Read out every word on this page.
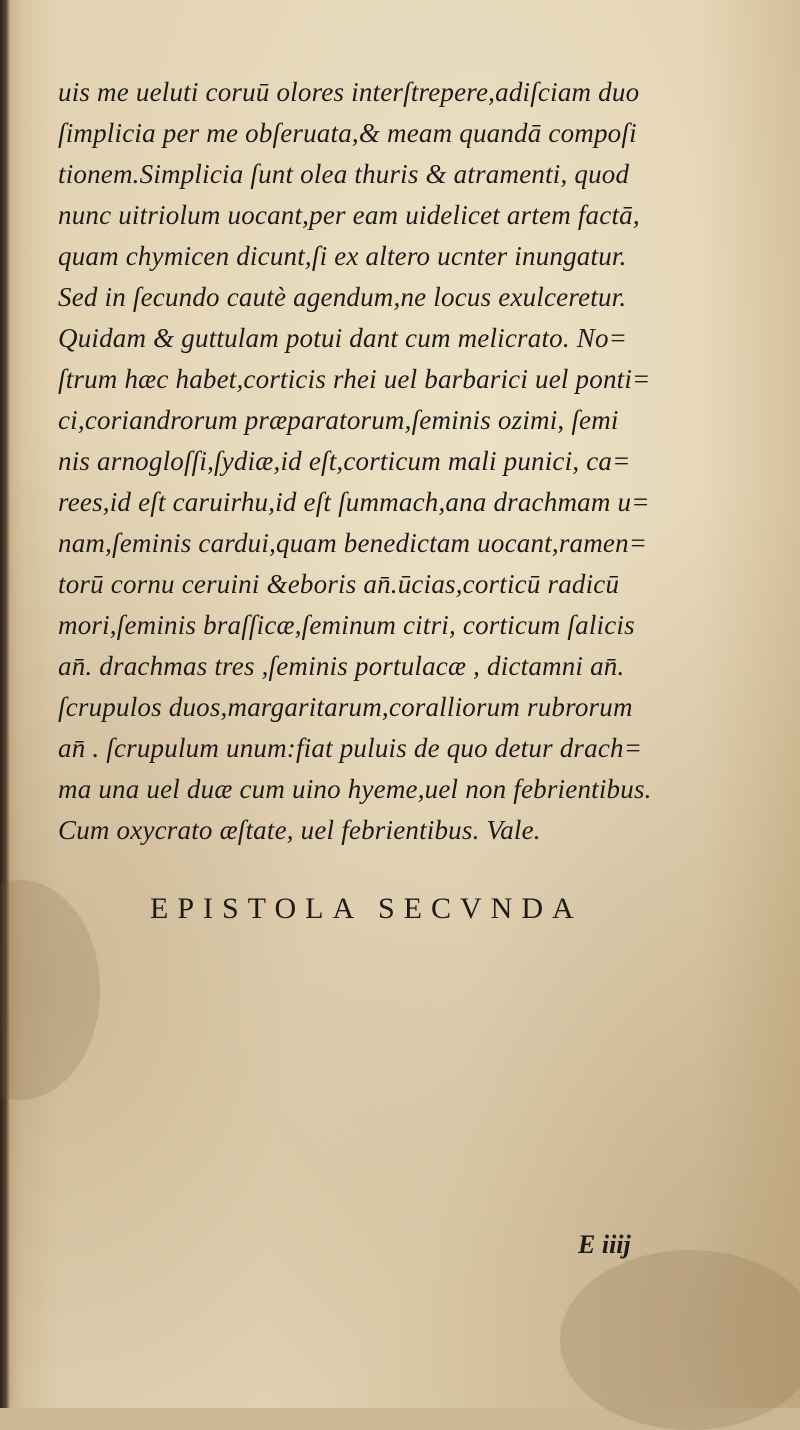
uis me ueluti coruū olores interſtrepere,adiſciam duo
ſimplicia per me obſeruata,& meam quandā compoſi
tionem.Simplicia ſunt olea thuris & atramenti, quod
nunc uitriolum uocant,per eam uidelicet artem factā,
quam chymicen dicunt,ſi ex altero ucnter inungatur.
Sed in ſecundo cautè agendum,ne locus exulceretur.
Quidam & guttulam potui dant cum melicrato. No=
ſtrum hæc habet,corticis rhei uel barbarici uel ponti=
ci,coriandrorum præparatorum,ſeminis ozimi, ſemi
nis arnogloſſi,ſydiæ,id eſt,corticum mali punici, ca=
rees,id eſt caruirhu,id eſt ſummach,ana drachmam u=
nam,ſeminis cardui,quam benedictam uocant,ramen=
torū cornu ceruini &eboris an̄.ūcias,corticū radicū
mori,ſeminis braſſicæ,ſeminum citri, corticum ſalicis
an̄. drachmas tres ,ſeminis portulacæ , dictamni an̄.
ſcrupulos duos,margaritarum,coralliorum rubrorum
an̄ . ſcrupulum unum:fiat puluis de quo detur drach=
ma una uel duæ cum uino hyeme,uel non febrientibus.
Cum oxycrato æſtate, uel febrientibus. Vale.
EPISTOLA SECVNDA
E iiij
